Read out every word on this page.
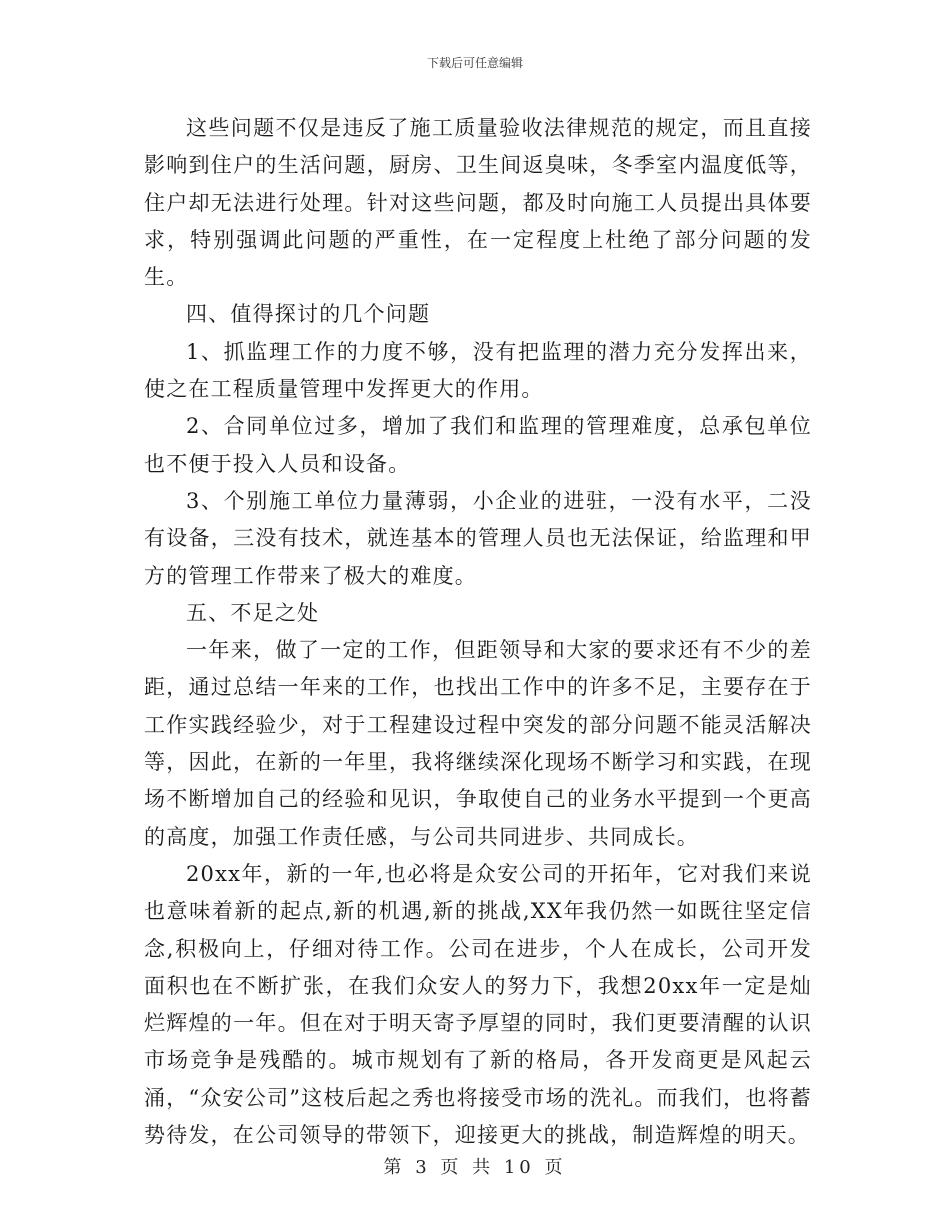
下载后可任意编辑

这些问题不仅是违反了施工质量验收法律规范的规定，而且直接影响到住户的生活问题，厨房、卫生间返臭味，冬季室内温度低等，住户却无法进行处理。针对这些问题，都及时向施工人员提出具体要求，特别强调此问题的严重性，在一定程度上杜绝了部分问题的发生。

四、值得探讨的几个问题

1、抓监理工作的力度不够，没有把监理的潜力充分发挥出来，使之在工程质量管理中发挥更大的作用。

2、合同单位过多，增加了我们和监理的管理难度，总承包单位也不便于投入人员和设备。

3、个别施工单位力量薄弱，小企业的进驻，一没有水平，二没有设备，三没有技术，就连基本的管理人员也无法保证，给监理和甲方的管理工作带来了极大的难度。

五、不足之处

一年来，做了一定的工作，但距领导和大家的要求还有不少的差距，通过总结一年来的工作，也找出工作中的许多不足，主要存在于工作实践经验少，对于工程建设过程中突发的部分问题不能灵活解决等，因此，在新的一年里，我将继续深化现场不断学习和实践，在现场不断增加自己的经验和见识，争取使自己的业务水平提到一个更高的高度，加强工作责任感，与公司共同进步、共同成长。

20xx年，新的一年,也必将是众安公司的开拓年，它对我们来说也意味着新的起点,新的机遇,新的挑战,XX年我仍然一如既往坚定信念,积极向上，仔细对待工作。公司在进步，个人在成长，公司开发面积也在不断扩张，在我们众安人的努力下，我想20xx年一定是灿烂辉煌的一年。但在对于明天寄予厚望的同时，我们更要清醒的认识市场竞争是残酷的。城市规划有了新的格局，各开发商更是风起云涌，“众安公司”这枝后起之秀也将接受市场的洗礼。而我们，也将蓄势待发，在公司领导的带领下，迎接更大的挑战，制造辉煌的明天。

第 3 页 共 10 页
